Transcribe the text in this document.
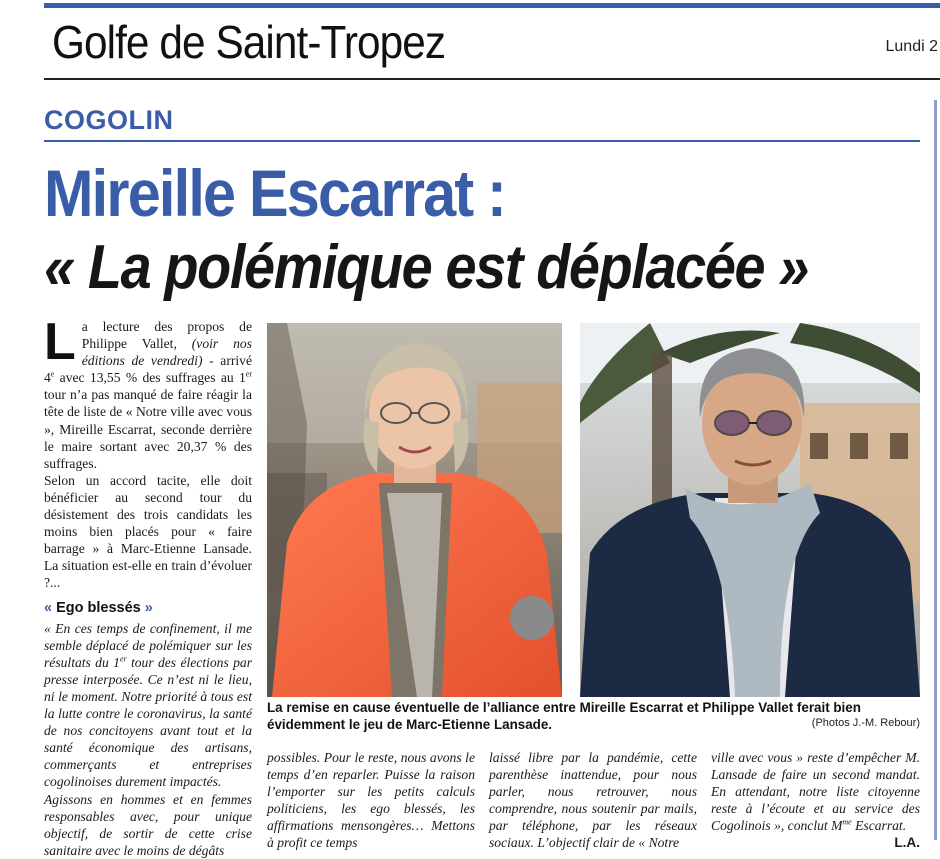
Golfe de Saint-Tropez	Lundi 2
COGOLIN
Mireille Escarrat :
« La polémique est déplacée »

La lecture des propos de Philippe Vallet, (voir nos éditions de vendredi) - arrivé 4e avec 13,55 % des suffrages au 1er tour n’a pas manqué de faire réagir la tête de liste de « Notre ville avec vous », Mireille Escarrat, seconde derrière le maire sortant avec 20,37 % des suffrages.

Selon un accord tacite, elle doit bénéficier au second tour du désistement des trois candidats les moins bien placés pour « faire barrage » à Marc-Etienne Lansade. La situation est-elle en train d’évoluer ?...

« Ego blessés »

« En ces temps de confinement, il me semble déplacé de polémiquer sur les résultats du 1er tour des élections par presse interposée. Ce n’est ni le lieu, ni le moment. Notre priorité à tous est la lutte contre le coronavirus, la santé de nos concitoyens avant tout et la santé économique des artisans, commerçants et entreprises cogolinoises durement impactés.

Agissons en hommes et en femmes responsables avec, pour unique objectif, de sortir de cette crise sanitaire avec le moins de dégâts

La remise en cause éventuelle de l’alliance entre Mireille Escarrat et Philippe Vallet ferait bien évidemment le jeu de Marc-Etienne Lansade.	(Photos J.-M. Rebour)
possibles. Pour le reste, nous avons le temps d’en reparler. Puisse la raison l’emporter sur les petits calculs politiciens, les ego blessés, les affirmations mensongères… Mettons à profit ce temps
laissé libre par la pandémie, cette parenthèse inattendue, pour nous parler, nous retrouver, nous comprendre, nous soutenir par mails, par téléphone, par les réseaux sociaux. L’objectif clair de « Notre
ville avec vous » reste d’empêcher M. Lansade de faire un second mandat. En attendant, notre liste citoyenne reste à l’écoute et au service des Cogolinois », conclut $M^{me}$ Escarrat.
L.A.
